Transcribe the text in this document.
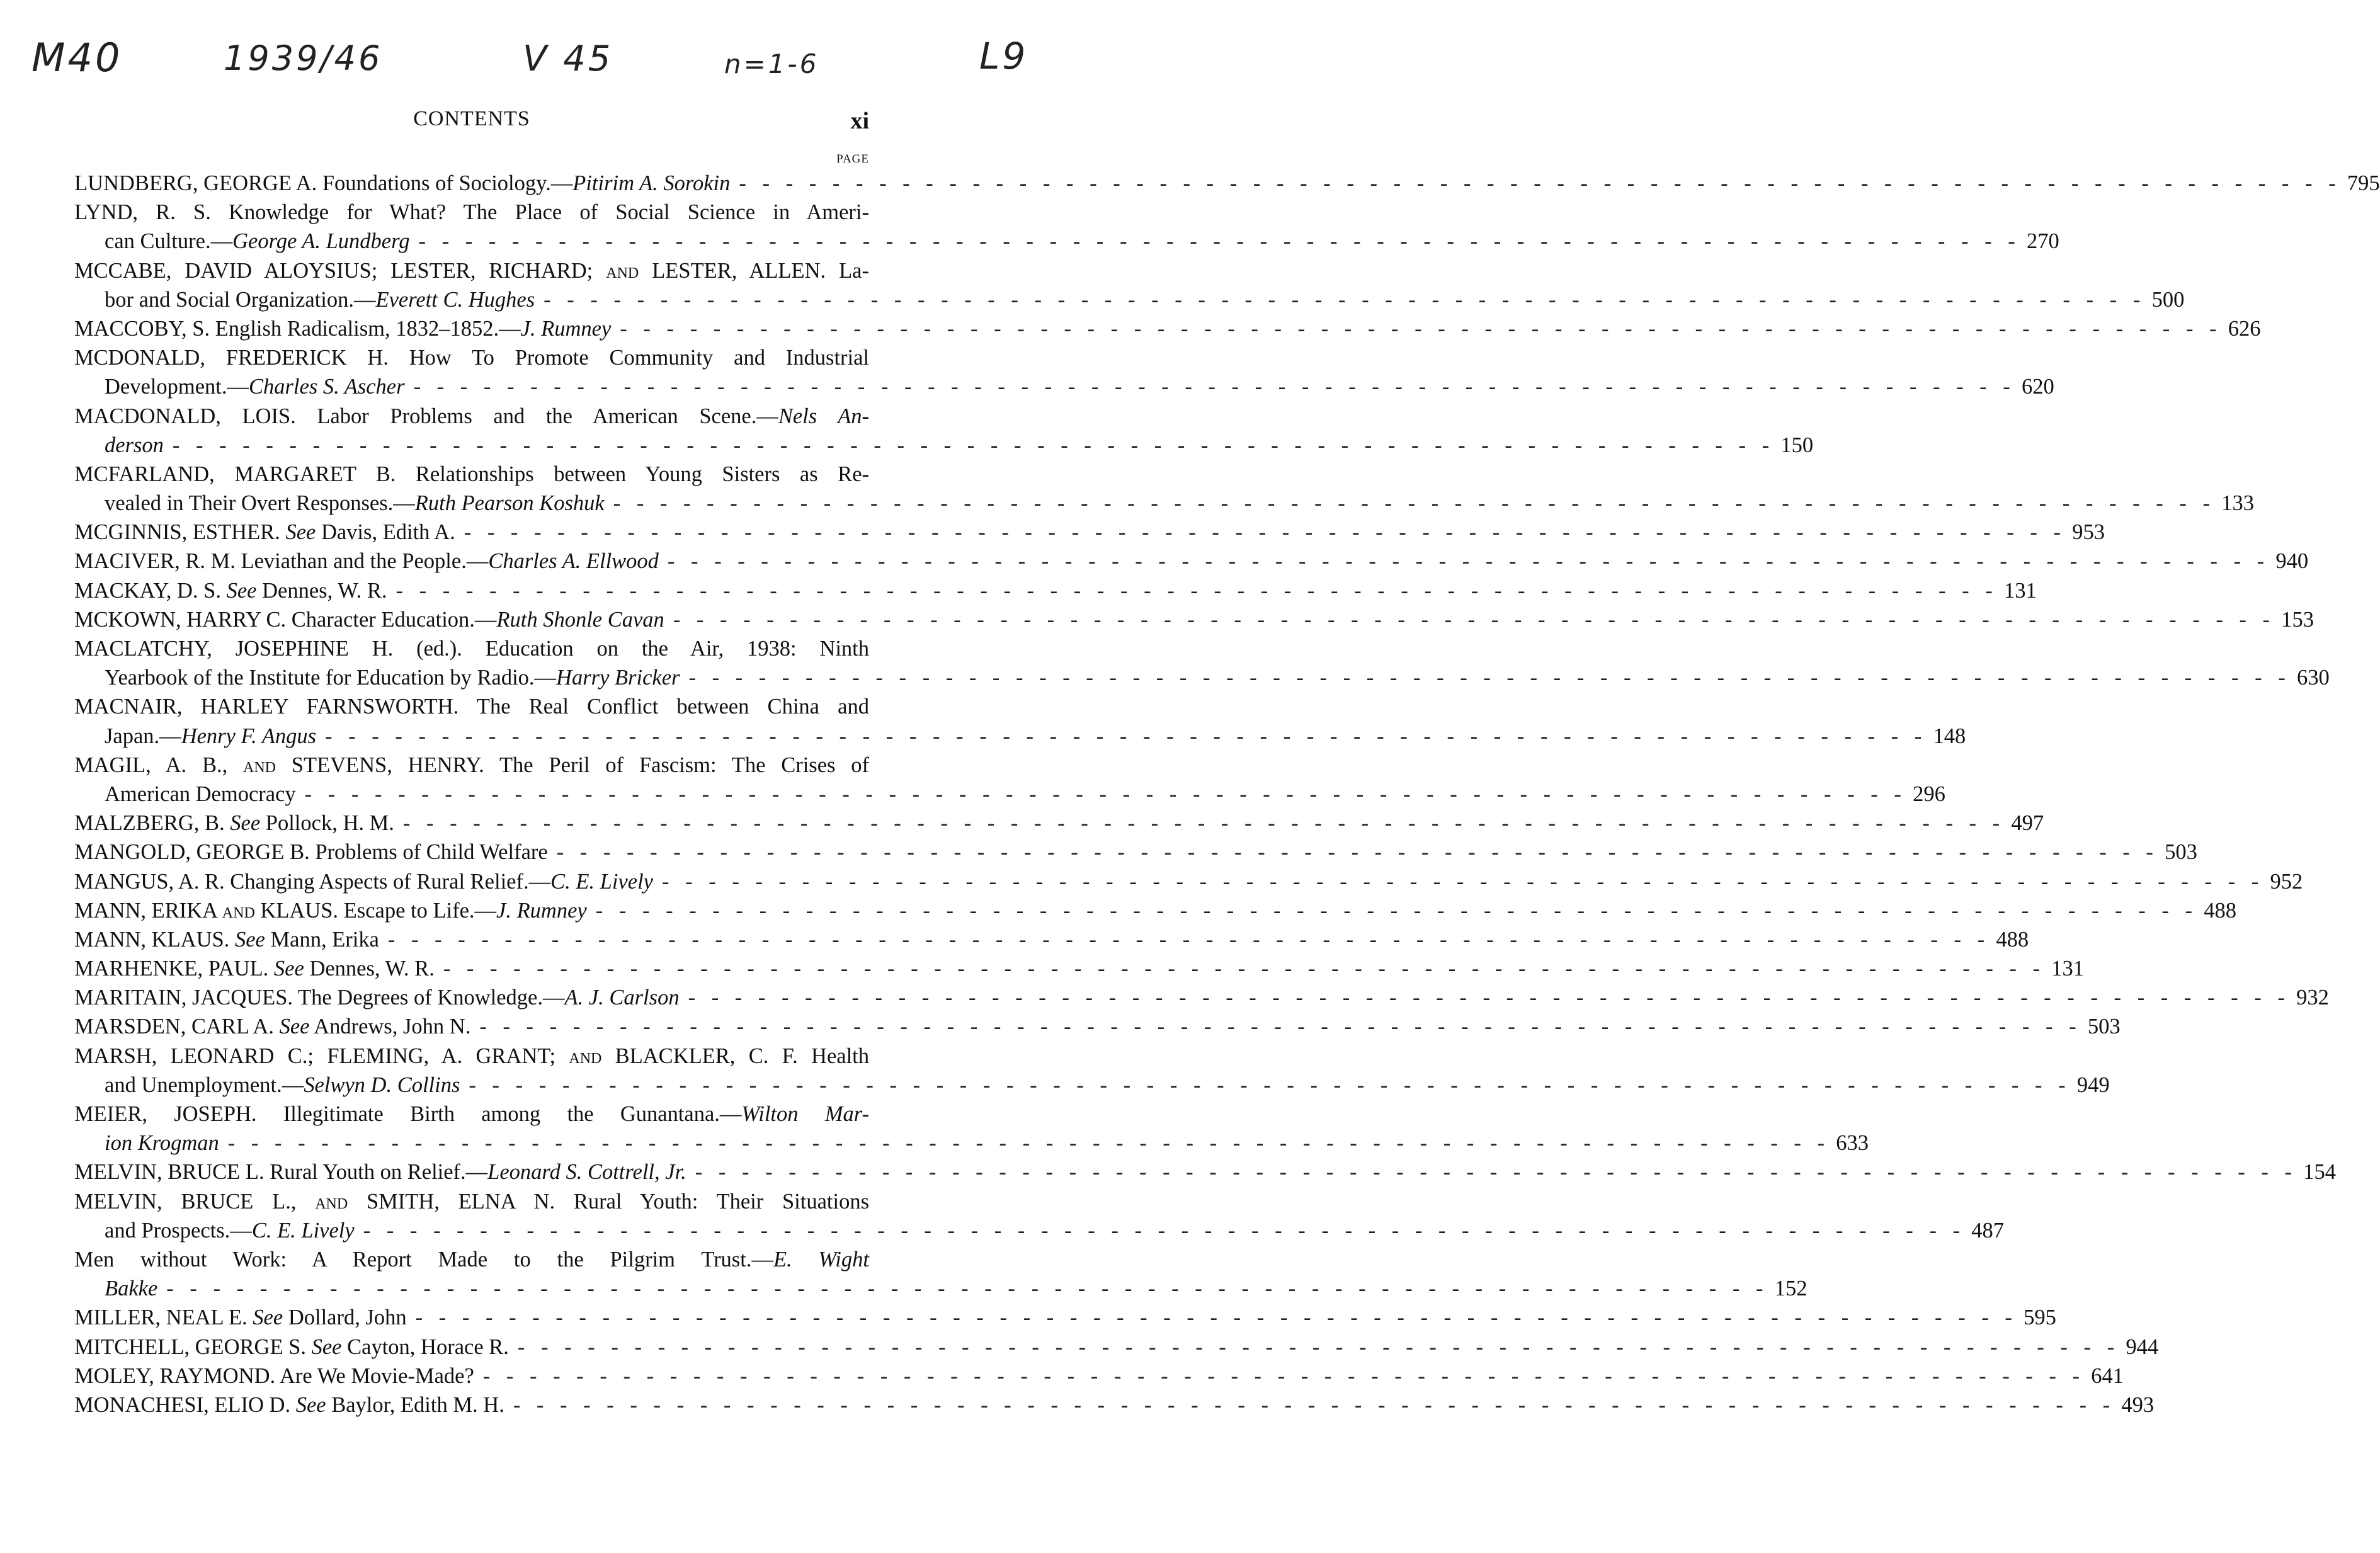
M40	1939/46	V 45	n=1-6	L9
CONTENTS	xi
PAGE
LUNDBERG, GEORGE A. Foundations of Sociology.—Pitirim A. Sorokin - - -	795
LYND, R. S. Knowledge for What? The Place of Social Science in Ameri-
can Culture.—George A. Lundberg - - -	270
MCCABE, DAVID ALOYSIUS; LESTER, RICHARD; and LESTER, ALLEN. La-
bor and Social Organization.—Everett C. Hughes - - -	500
MACCOBY, S. English Radicalism, 1832–1852.—J. Rumney - - -	626
MCDONALD, FREDERICK H. How To Promote Community and Industrial
Development.—Charles S. Ascher - - -	620
MACDONALD, LOIS. Labor Problems and the American Scene.—Nels An-
derson - - -	150
MCFARLAND, MARGARET B. Relationships between Young Sisters as Re-
vealed in Their Overt Responses.—Ruth Pearson Koshuk - - -	133
MCGINNIS, ESTHER. See Davis, Edith A. - - -	953
MACIVER, R. M. Leviathan and the People.—Charles A. Ellwood - - -	940
MACKAY, D. S. See Dennes, W. R. - - -	131
MCKOWN, HARRY C. Character Education.—Ruth Shonle Cavan - - -	153
MACLATCHY, JOSEPHINE H. (ed.). Education on the Air, 1938: Ninth
Yearbook of the Institute for Education by Radio.—Harry Bricker - - -	630
MACNAIR, HARLEY FARNSWORTH. The Real Conflict between China and
Japan.—Henry F. Angus - - -	148
MAGIL, A. B., and STEVENS, HENRY. The Peril of Fascism: The Crises of
American Democracy - - -	296
MALZBERG, B. See Pollock, H. M. - - -	497
MANGOLD, GEORGE B. Problems of Child Welfare - - -	503
MANGUS, A. R. Changing Aspects of Rural Relief.—C. E. Lively - - -	952
MANN, ERIKA and KLAUS. Escape to Life.—J. Rumney - - -	488
MANN, KLAUS. See Mann, Erika - - -	488
MARHENKE, PAUL. See Dennes, W. R. - - -	131
MARITAIN, JACQUES. The Degrees of Knowledge.—A. J. Carlson - - -	932
MARSDEN, CARL A. See Andrews, John N. - - -	503
MARSH, LEONARD C.; FLEMING, A. GRANT; and BLACKLER, C. F. Health
and Unemployment.—Selwyn D. Collins - - -	949
MEIER, JOSEPH. Illegitimate Birth among the Gunantana.—Wilton Mar-
ion Krogman - - -	633
MELVIN, BRUCE L. Rural Youth on Relief.—Leonard S. Cottrell, Jr. - - -	154
MELVIN, BRUCE L., and SMITH, ELNA N. Rural Youth: Their Situations
and Prospects.—C. E. Lively - - -	487
Men without Work: A Report Made to the Pilgrim Trust.—E. Wight
Bakke - - -	152
MILLER, NEAL E. See Dollard, John - - -	595
MITCHELL, GEORGE S. See Cayton, Horace R. - - -	944
MOLEY, RAYMOND. Are We Movie-Made? - - -	641
MONACHESI, ELIO D. See Baylor, Edith M. H. - - -	493
